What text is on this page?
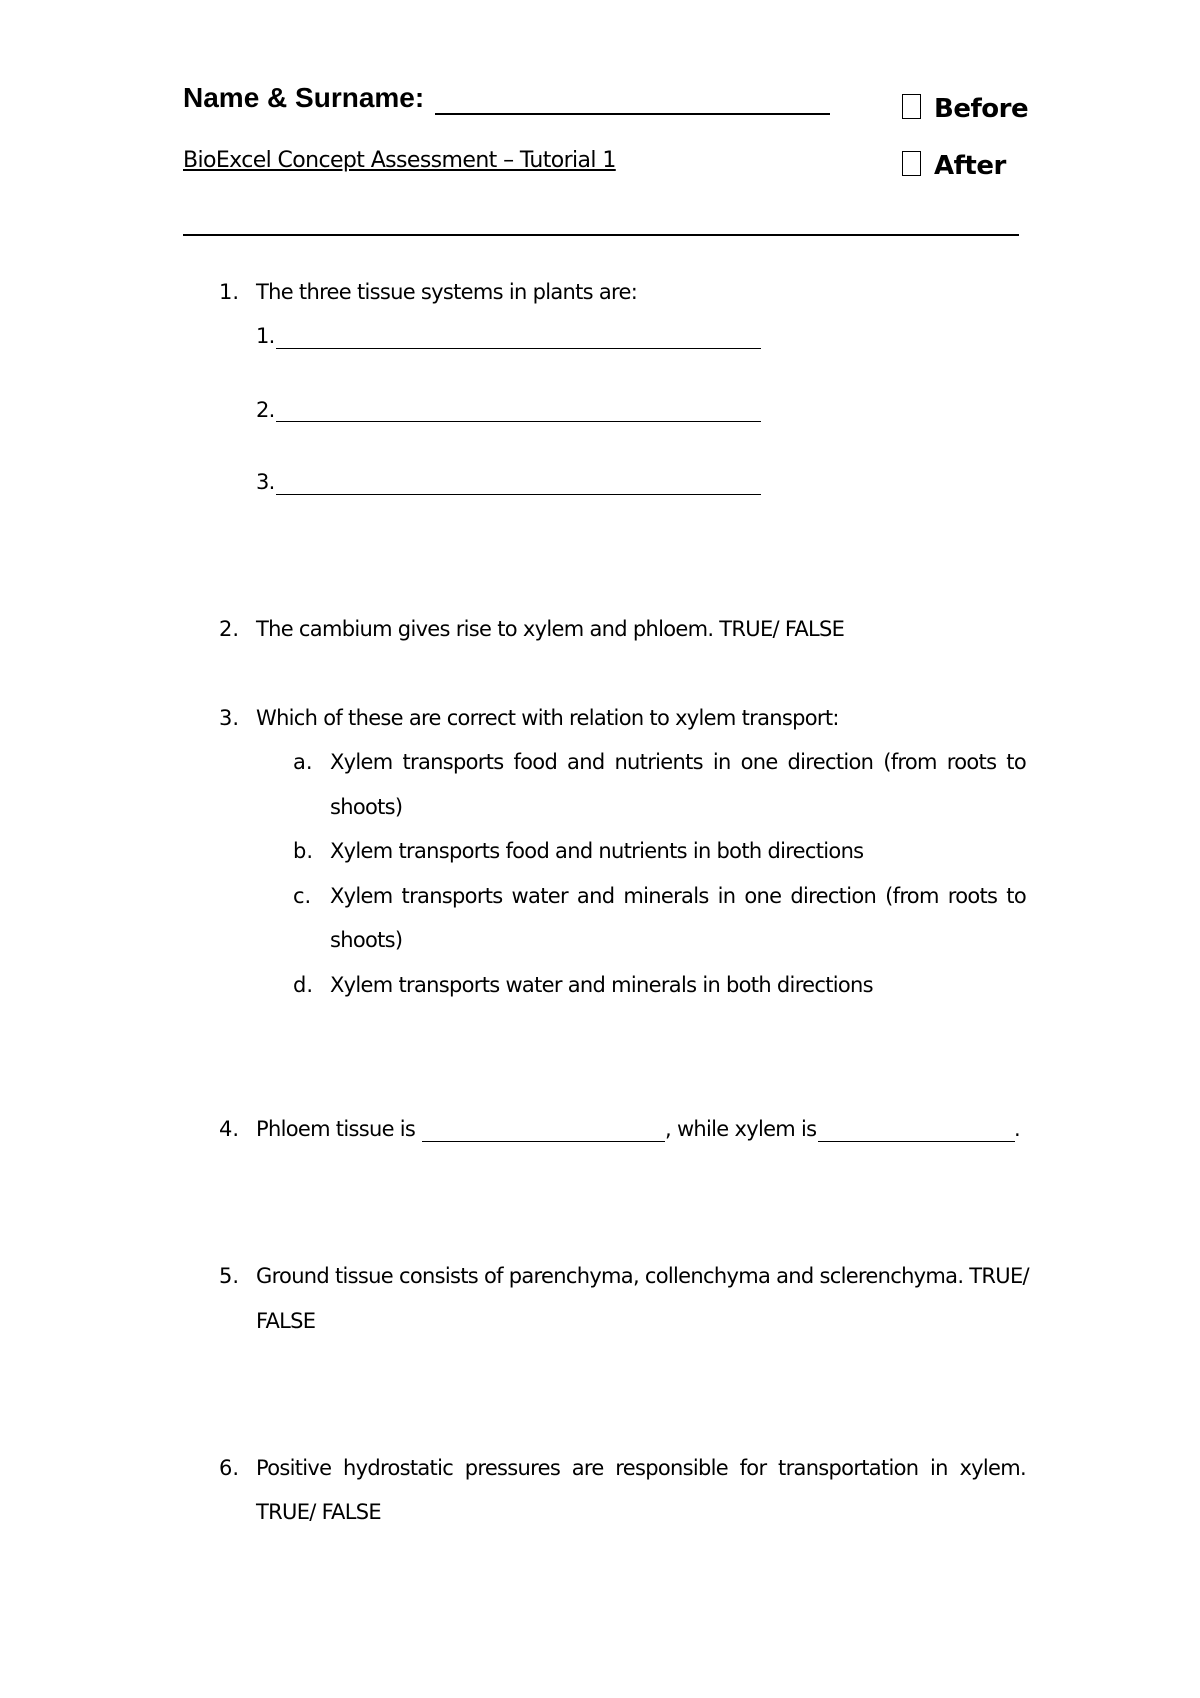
Name & Surname:
BioExcel Concept Assessment – Tutorial 1
Before
After
1. The three tissue systems in plants are:
1.
2.
3.
2. The cambium gives rise to xylem and phloem. TRUE/ FALSE
3. Which of these are correct with relation to xylem transport:
a. Xylem transports food and nutrients in one direction (from roots to
shoots)
b. Xylem transports food and nutrients in both directions
c. Xylem transports water and minerals in one direction (from roots to
shoots)
d. Xylem transports water and minerals in both directions
4. Phloem tissue is	, while xylem is	.
5. Ground tissue consists of parenchyma, collenchyma and sclerenchyma. TRUE/
FALSE
6. Positive hydrostatic pressures are responsible for transportation in xylem.
TRUE/ FALSE
